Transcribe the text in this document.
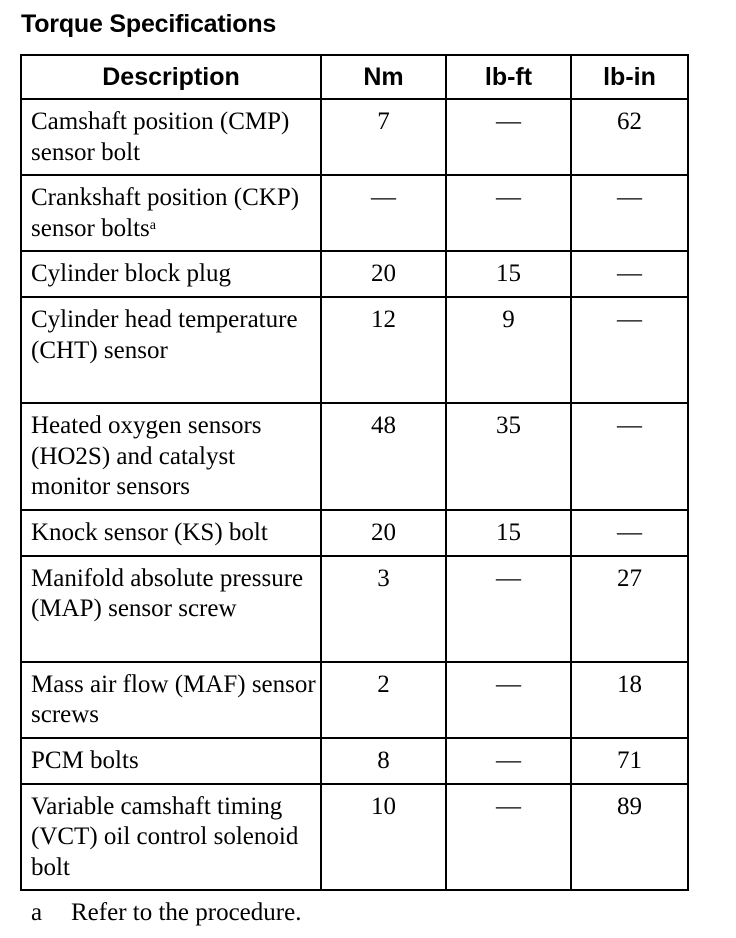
Torque Specifications
Description	Nm	lb-ft	lb-in
Camshaft position (CMP) sensor bolt	7	—	62
Crankshaft position (CKP) sensor bolts$^a$	—	—	—
Cylinder block plug	20	15	—
Cylinder head temperature (CHT) sensor	12	9	—
Heated oxygen sensors (HO2S) and catalyst monitor sensors	48	35	—
Knock sensor (KS) bolt	20	15	—
Manifold absolute pressure (MAP) sensor screw	3	—	27
Mass air flow (MAF) sensor screws	2	—	18
PCM bolts	8	—	71
Variable camshaft timing (VCT) oil control solenoid bolt	10	—	89
a Refer to the procedure.
